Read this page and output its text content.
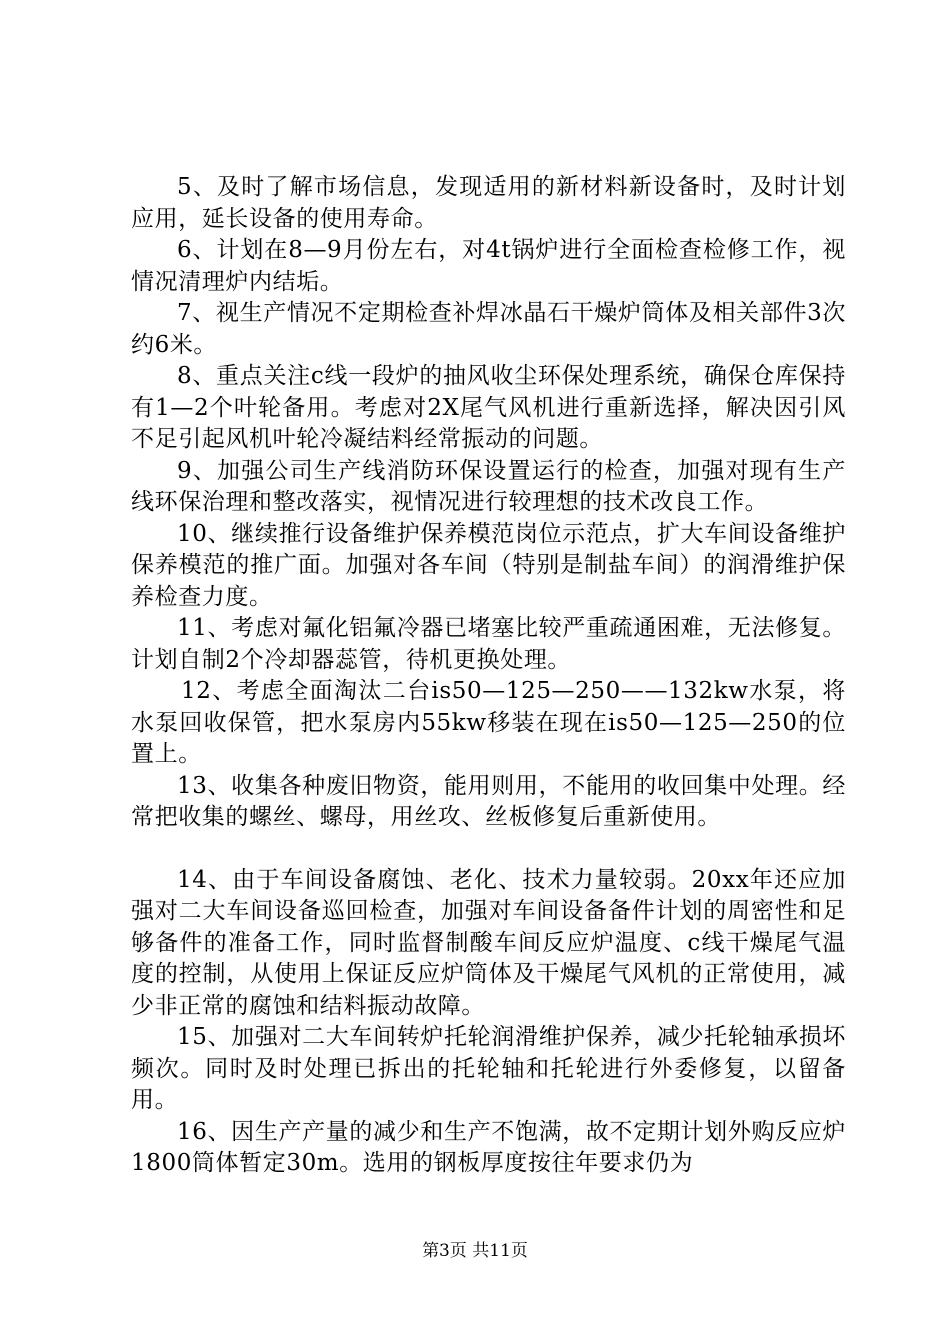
5、及时了解市场信息，发现适用的新材料新设备时，及时计划应用，延长设备的使用寿命。

6、计划在8—9月份左右，对4t锅炉进行全面检查检修工作，视情况清理炉内结垢。

7、视生产情况不定期检查补焊冰晶石干燥炉筒体及相关部件3次约6米。

8、重点关注c线一段炉的抽风收尘环保处理系统，确保仓库保持有1—2个叶轮备用。考虑对2X尾气风机进行重新选择，解决因引风不足引起风机叶轮冷凝结料经常振动的问题。

9、加强公司生产线消防环保设置运行的检查，加强对现有生产线环保治理和整改落实，视情况进行较理想的技术改良工作。

10、继续推行设备维护保养模范岗位示范点，扩大车间设备维护保养模范的推广面。加强对各车间（特别是制盐车间）的润滑维护保养检查力度。

11、考虑对氟化铝氟冷器已堵塞比较严重疏通困难，无法修复。计划自制2个冷却器蕊管，待机更换处理。

12、考虑全面淘汰二台is50—125—250——132kw水泵，将水泵回收保管，把水泵房内55kw移装在现在is50—125—250的位置上。

13、收集各种废旧物资，能用则用，不能用的收回集中处理。经常把收集的螺丝、螺母，用丝攻、丝板修复后重新使用。

14、由于车间设备腐蚀、老化、技术力量较弱。20xx年还应加强对二大车间设备巡回检查，加强对车间设备备件计划的周密性和足够备件的准备工作，同时监督制酸车间反应炉温度、c线干燥尾气温度的控制，从使用上保证反应炉筒体及干燥尾气风机的正常使用，减少非正常的腐蚀和结料振动故障。

15、加强对二大车间转炉托轮润滑维护保养，减少托轮轴承损坏频次。同时及时处理已拆出的托轮轴和托轮进行外委修复，以留备用。

16、因生产产量的减少和生产不饱满，故不定期计划外购反应炉1800筒体暂定30m。选用的钢板厚度按往年要求仍为

第3页 共11页
